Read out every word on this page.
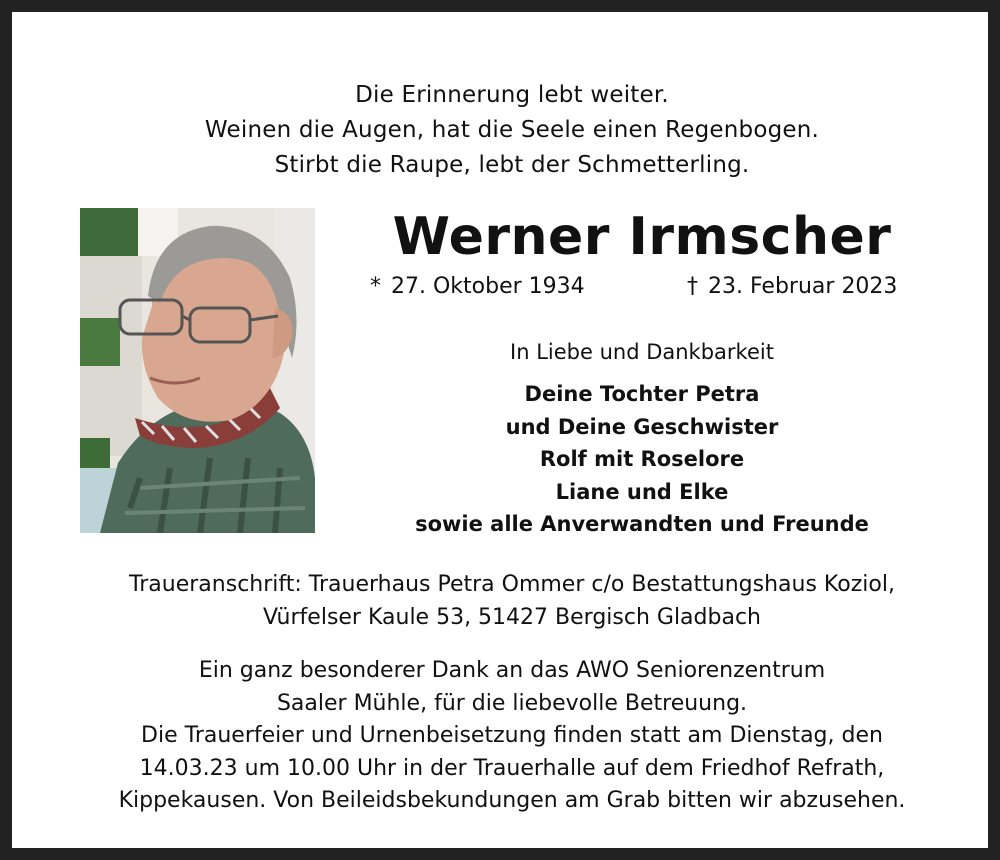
Die Erinnerung lebt weiter.
Weinen die Augen, hat die Seele einen Regenbogen.
Stirbt die Raupe, lebt der Schmetterling.
Werner Irmscher
* 27. Oktober 1934	† 23. Februar 2023
In Liebe und Dankbarkeit
Deine Tochter Petra
und Deine Geschwister
Rolf mit Roselore
Liane und Elke
sowie alle Anverwandten und Freunde
Traueranschrift: Trauerhaus Petra Ommer c/o Bestattungshaus Koziol,
Vürfelser Kaule 53, 51427 Bergisch Gladbach
Ein ganz besonderer Dank an das AWO Seniorenzentrum
Saaler Mühle, für die liebevolle Betreuung.
Die Trauerfeier und Urnenbeisetzung finden statt am Dienstag, den
14.03.23 um 10.00 Uhr in der Trauerhalle auf dem Friedhof Refrath,
Kippekausen. Von Beileidsbekundungen am Grab bitten wir abzusehen.
